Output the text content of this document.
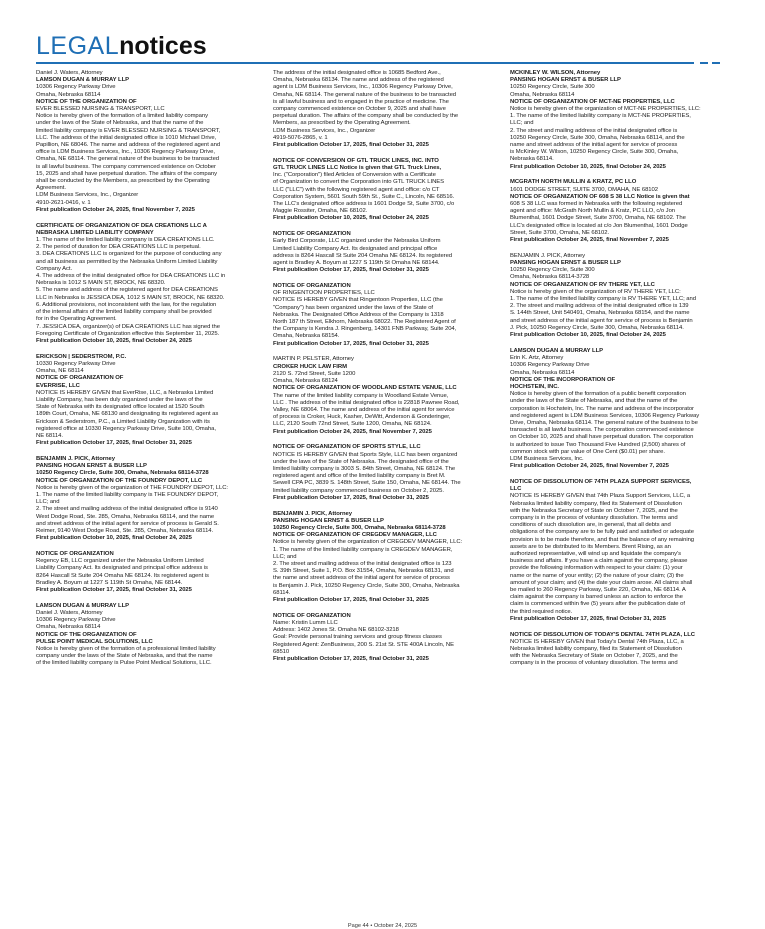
LEGALnotices
Daniel J. Waters, Attorney
LAMSON DUGAN & MURRAY LLP
10306 Regency Parkway Drive
Omaha, Nebraska 68114
NOTICE OF THE ORGANIZATION OF
EVER BLESSED NURSING & TRANSPORT, LLC
Notice is hereby given of the formation of a limited liability company
under the laws of the State of Nebraska, and that the name of the
limited liability company is EVER BLESSED NURSING & TRANSPORT,
LLC. The address of the initial designated office is 1010 Michael Drive,
Papillion, NE 68046. The name and address of the registered agent and
office is LDM Business Services, Inc., 10306 Regency Parkway Drive,
Omaha, NE 68114. The general nature of the business to be transacted
is all lawful business. The company commenced existence on October
15, 2025 and shall have perpetual duration. The affairs of the company
shall be conducted by the Members, as prescribed by the Operating
Agreement.
LDM Business Services, Inc., Organizer
4910-2621-0416, v. 1
First publication October 24, 2025, final November 7, 2025
CERTIFICATE OF ORGANIZATION OF DEA CREATIONS LLC A
NEBRASKA LIMITED LIABILITY COMPANY
1. The name of the limited liability company is DEA CREATIONS LLC.
2. The period of duration for DEA CREATIONS LLC is perpetual.
3. DEA CREATIONS LLC is organized for the purpose of conducting any
and all business as permitted by the Nebraska Uniform Limited Liability
Company Act.
4. The address of the initial designated office for DEA CREATIONS LLC in
Nebraska is 1012 S MAIN ST, BROCK, NE 68320.
5. The name and address of the registered agent for DEA CREATIONS
LLC in Nebraska is JESSICA DEA, 1012 S MAIN ST, BROCK, NE 68320.
6. Additional provisions, not inconsistent with the law, for the regulation
of the internal affairs of the limited liability company shall be provided
for in the Operating Agreement.
7. JESSICA DEA, organizer(s) of DEA CREATIONS LLC has signed the
Foregoing Certificate of Organization effective this September 11, 2025.
First publication October 10, 2025, final October 24, 2025
ERICKSON | SEDERSTROM, P.C.
10330 Regency Parkway Drive
Omaha, NE 68114
NOTICE OF ORGANIZATION OF
EVERRISE, LLC
NOTICE IS HEREBY GIVEN that EverRise, LLC, a Nebraska Limited
Liability Company, has been duly organized under the laws of the
State of Nebraska with its designated office located at 1520 South
189th Court, Omaha, NE 68130 and designating its registered agent as
Erickson & Sederstrom, P.C., a Limited Liability Organization with its
registered office at 10330 Regency Parkway Drive, Suite 100, Omaha,
NE 68114.
First publication October 17, 2025, final October 31, 2025
BENJAMIN J. PICK, Attorney
PANSING HOGAN ERNST & BUSER LLP
10250 Regency Circle, Suite 300, Omaha, Nebraska 68114-3728
NOTICE OF ORGANIZATION OF THE FOUNDRY DEPOT, LLC
Notice is hereby given of the organization of THE FOUNDRY DEPOT, LLC:
1. The name of the limited liability company is THE FOUNDRY DEPOT,
LLC; and
2. The street and mailing address of the initial designated office is 9140
West Dodge Road, Ste. 285, Omaha, Nebraska 68114, and the name
and street address of the initial agent for service of process is Gerald S.
Reimer, 9140 West Dodge Road, Ste. 285, Omaha, Nebraska 68114.
First publication October 10, 2025, final October 24, 2025
NOTICE OF ORGANIZATION
Regency EB, LLC organized under the Nebraska Uniform Limited
Liability Company Act. Its designated and principal office address is
8264 Hascall St Suite 204 Omaha NE 68124. Its registered agent is
Bradley A. Boyum at 1227 S 119th St Omaha, NE 68144.
First publication October 17, 2025, final October 31, 2025
LAMSON DUGAN & MURRAY LLP
Daniel J. Waters, Attorney
10306 Regency Parkway Drive
Omaha, Nebraska 68114
NOTICE OF THE ORGANIZATION OF
PULSE POINT MEDICAL SOLUTIONS, LLC
Notice is hereby given of the formation of a professional limited liability
company under the laws of the State of Nebraska, and that the name
of the limited liability company is Pulse Point Medical Solutions, LLC.
The address of the initial designated office is 10685 Bedford Ave.,
Omaha, Nebraska 68134. The name and address of the registered
agent is LDM Business Services, Inc., 10306 Regency Parkway Drive,
Omaha, NE 68114. The general nature of the business to be transacted
is all lawful business and to engaged in the practice of medicine. The
company commenced existence on October 9, 2025 and shall have
perpetual duration. The affairs of the company shall be conducted by the
Members, as prescribed by the Operating Agreement.
LDM Business Services, Inc., Organizer
4919-5076-2865, v. 1
First publication October 17, 2025, final October 31, 2025
NOTICE OF CONVERSION OF GTL TRUCK LINES, INC. INTO
GTL TRUCK LINES LLC Notice is given that GTL Truck Lines,
Inc. ("Corporation") filed Articles of Conversion with a Certificate
of Organization to convert the Corporation into GTL TRUCK LINES
LLC ("LLC") with the following registered agent and office: c/o CT
Corporation System, 5601 South 59th St., Suite C., Lincoln, NE 68516.
The LLC's designated office address is 1601 Dodge St, Suite 3700, c/o
Maggie Rossiter, Omaha, NE 68102.
First publication October 10, 2025, final October 24, 2025
NOTICE OF ORGANIZATION
Early Bird Corporate, LLC organized under the Nebraska Uniform
Limited Liability Company Act. Its designated and principal office
address is 8264 Hascall St Suite 204 Omaha NE 68124. Its registered
agent is Bradley A. Boyum at 1227 S 119th St Omaha NE 68144.
First publication October 17, 2025, final October 31, 2025
NOTICE OF ORGANIZATION
OF RINGENTOON PROPERTIES, LLC
NOTICE IS HEREBY GIVEN that Ringentoon Properties, LLC (the
"Company") has been organized under the laws of the State of
Nebraska. The Designated Office Address of the Company is 1318
North 187 th Street, Elkhorn, Nebraska 68022. The Registered Agent of
the Company is Kendra J. Ringenberg, 14301 FNB Parkway, Suite 204,
Omaha, Nebraska 68154.
First publication October 17, 2025, final October 31, 2025
MARTIN P. PELSTER, Attorney
CROKER HUCK LAW FIRM
2120 S. 72nd Street, Suite 1200
Omaha, Nebraska 68124
NOTICE OF ORGANIZATION OF WOODLAND ESTATE VENUE, LLC
The name of the limited liability company is Woodland Estate Venue,
LLC . The address of the initial designated office is 22818 Pawnee Road,
Valley, NE 68064. The name and address of the initial agent for service
of process is Croker, Huck, Kasher, DeWitt, Anderson & Gonderinger,
LLC, 2120 South 72nd Street, Suite 1200, Omaha, NE 68124.
First publication October 24, 2025, final November 7, 2025
NOTICE OF ORGANIZATION OF SPORTS STYLE, LLC
NOTICE IS HEREBY GIVEN that Sports Style, LLC has been organized
under the laws of the State of Nebraska. The designated office of the
limited liability company is 3003 S. 84th Street, Omaha, NE 68124. The
registered agent and office of the limited liability company is Bret M.
Sewell CPA PC, 3839 S. 148th Street, Suite 150, Omaha, NE 68144. The
limited liability company commenced business on October 2, 2025.
First publication October 17, 2025, final October 31, 2025
BENJAMIN J. PICK, Attorney
PANSING HOGAN ERNST & BUSER LLP
10250 Regency Circle, Suite 300, Omaha, Nebraska 68114-3728
NOTICE OF ORGANIZATION OF CREGDEV MANAGER, LLC
Notice is hereby given of the organization of CREGDEV MANAGER, LLC:
1. The name of the limited liability company is CREGDEV MANAGER,
LLC; and
2. The street and mailing address of the initial designated office is 123
S. 39th Street, Suite 1, P.O. Box 31554, Omaha, Nebraska 68131, and
the name and street address of the initial agent for service of process
is Benjamin J. Pick, 10250 Regency Circle, Suite 300, Omaha, Nebraska
68114.
First publication October 17, 2025, final October 31, 2025
NOTICE OF ORGANIZATION
Name: Kristin Lumm LLC
Address: 1402 Jones St. Omaha NE 68102-3218
Goal: Provide personal training services and group fitness classes
Registered Agent: ZenBusiness, 200 S. 21st St. STE 400A Lincoln, NE
68510
First publication October 17, 2025, final October 31, 2025
MCKINLEY W. WILSON, Attorney
PANSING HOGAN ERNST & BUSER LLP
10250 Regency Circle, Suite 300
Omaha, Nebraska 68114
NOTICE OF ORGANIZATION OF MCT-NE PROPERTIES, LLC
Notice is hereby given of the organization of MCT-NE PROPERTIES, LLC:
1. The name of the limited liability company is MCT-NE PROPERTIES,
LLC; and
2. The street and mailing address of the initial designated office is
10250 Regency Circle, Suite 300, Omaha, Nebraska 68114, and the
name and street address of the initial agent for service of process
is McKinley W. Wilson, 10250 Regency Circle, Suite 300, Omaha,
Nebraska 68114.
First publication October 10, 2025, final October 24, 2025
MCGRATH NORTH MULLIN & KRATZ, PC LLO
1601 DODGE STREET, SUITE 3700, OMAHA, NE 68102
NOTICE OF ORGANIZATION OF 608 S 38 LLC Notice is given that
608 S 38 LLC was formed in Nebraska with the following registered
agent and office: McGrath North Mullin & Kratz, PC LLO, c/o Jon
Blumenthal, 1601 Dodge Street, Suite 3700, Omaha, NE 68102. The
LLC's designated office is located at c/o Jon Blumenthal, 1601 Dodge
Street, Suite 3700, Omaha, NE 68102.
First publication October 24, 2025, final November 7, 2025
BENJAMIN J. PICK, Attorney
PANSING HOGAN ERNST & BUSER LLP
10250 Regency Circle, Suite 300
Omaha, Nebraska 68114-3728
NOTICE OF ORGANIZATION OF RV THERE YET, LLC
Notice is hereby given of the organization of RV THERE YET, LLC:
1. The name of the limited liability company is RV THERE YET, LLC; and
2. The street and mailing address of the initial designated office is 139
S. 144th Street, Unit 540491, Omaha, Nebraska 68154, and the name
and street address of the initial agent for service of process is Benjamin
J. Pick, 10250 Regency Circle, Suite 300, Omaha, Nebraska 68114.
First publication October 10, 2025, final October 24, 2025
LAMSON DUGAN & MURRAY LLP
Erin K. Artz, Attorney
10306 Regency Parkway Drive
Omaha, Nebraska 68114
NOTICE OF THE INCORPORATION OF
HOCHSTEIN, INC.
Notice is hereby given of the formation of a public benefit corporation
under the laws of the State of Nebraska, and that the name of the
corporation is Hochstein, Inc. The name and address of the incorporator
and registered agent is LDM Business Services, 10306 Regency Parkway
Drive, Omaha, Nebraska 68114. The general nature of the business to be
transacted is all lawful business. The corporation commenced existence
on October 10, 2025 and shall have perpetual duration. The corporation
is authorized to issue Two Thousand Five Hundred (2,500) shares of
common stock with par value of One Cent ($0.01) per share.
LDM Business Services, Inc.
First publication October 24, 2025, final November 7, 2025
NOTICE OF DISSOLUTION OF 74TH PLAZA SUPPORT SERVICES,
LLC
NOTICE IS HEREBY GIVEN that 74th Plaza Support Services, LLC, a
Nebraska limited liability company, filed its Statement of Dissolution
with the Nebraska Secretary of State on October 7, 2025, and the
company is in the process of voluntary dissolution. The terms and
conditions of such dissolution are, in general, that all debts and
obligations of the company are to be fully paid and satisfied or adequate
provision is to be made therefore, and that the balance of any remaining
assets are to be distributed to its Members. Brent Rising, as an
authorized representative, will wind up and liquidate the company's
business and affairs. If you have a claim against the company, please
provide the following information with respect to your claim: (1) your
name or the name of your entity; (2) the nature of your claim; (3) the
amount of your claim; and (4) the date your claim arose. All claims shall
be mailed to 260 Regency Parkway, Suite 220, Omaha, NE 68114. A
claim against the company is barred unless an action to enforce the
claim is commenced within five (5) years after the publication date of
the third required notice.
First publication October 17, 2025, final October 31, 2025
NOTICE OF DISSOLUTION OF TODAY'S DENTAL 74TH PLAZA, LLC
NOTICE IS HEREBY GIVEN that Today's Dental 74th Plaza, LLC, a
Nebraska limited liability company, filed its Statement of Dissolution
with the Nebraska Secretary of State on October 7, 2025, and the
company is in the process of voluntary dissolution. The terms and
Page 44 • October 24, 2025
